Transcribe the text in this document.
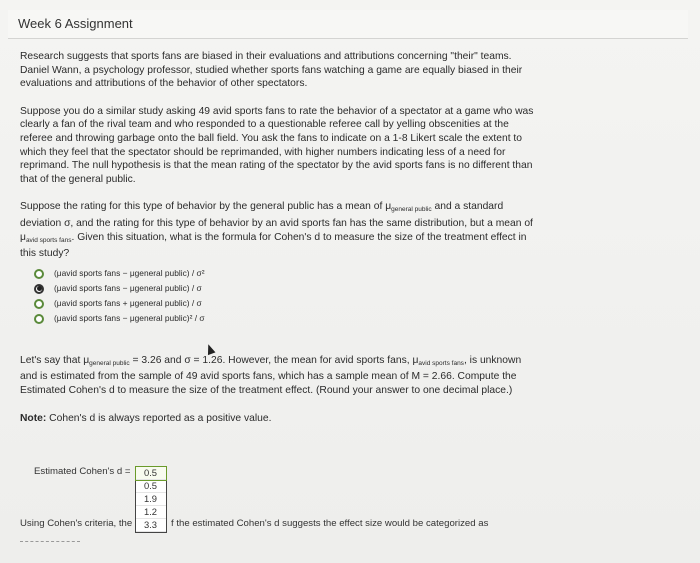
Week 6 Assignment

Research suggests that sports fans are biased in their evaluations and attributions concerning "their" teams. Daniel Wann, a psychology professor, studied whether sports fans watching a game are equally biased in their evaluations and attributions of the behavior of other spectators.

Suppose you do a similar study asking 49 avid sports fans to rate the behavior of a spectator at a game who was clearly a fan of the rival team and who responded to a questionable referee call by yelling obscenities at the referee and throwing garbage onto the ball field. You ask the fans to indicate on a 1-8 Likert scale the extent to which they feel that the spectator should be reprimanded, with higher numbers indicating less of a need for reprimand. The null hypothesis is that the mean rating of the spectator by the avid sports fans is no different than that of the general public.

Suppose the rating for this type of behavior by the general public has a mean of $\mu_{general public}$ and a standard deviation σ, and the rating for this type of behavior by an avid sports fan has the same distribution, but a mean of $\mu_{avid sports fans}$. Given this situation, what is the formula for Cohen's d to measure the size of the treatment effect in this study?

(μavid sports fans − μgeneral public) / σ²
(μavid sports fans − μgeneral public) / σ
(μavid sports fans + μgeneral public) / σ
(μavid sports fans − μgeneral public)² / σ

Let's say that $\mu_{general public} = 3.26$ and σ = 1.26. However, the mean for avid sports fans, $\mu_{avid sports fans}$, is unknown and is estimated from the sample of 49 avid sports fans, which has a sample mean of M = 2.66. Compute the Estimated Cohen's d to measure the size of the treatment effect. (Round your answer to one decimal place.)

Note: Cohen's d is always reported as a positive value.

Estimated Cohen's d =	0.5
0.5
1.9
1.2
3.3
Using Cohen's criteria, the	f the estimated Cohen's d suggests the effect size would be categorized as
